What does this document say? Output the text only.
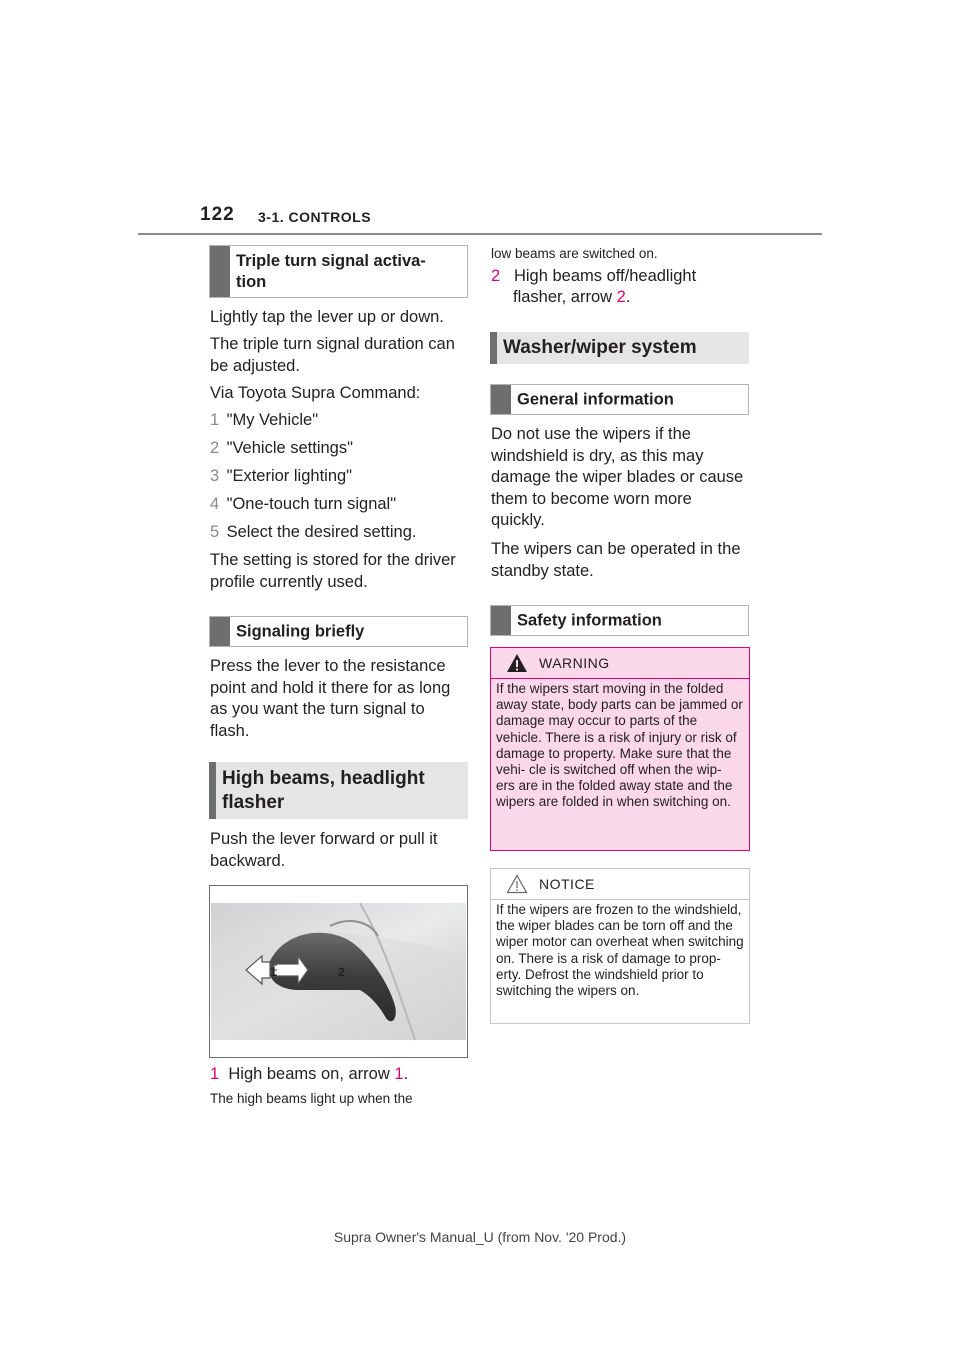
122 3-1. CONTROLS
Triple turn signal activa-
tion
Lightly tap the lever up or down.
The triple turn signal duration can be adjusted.
Via Toyota Supra Command:
1 "My Vehicle"
2 "Vehicle settings"
3 "Exterior lighting"
4 "One-touch turn signal"
5 Select the desired setting.
The setting is stored for the driver profile currently used.
Signaling briefly
Press the lever to the resistance point and hold it there for as long as you want the turn signal to flash.
High beams, headlight flasher
Push the lever forward or pull it backward.
2
1
1 High beams on, arrow 1.
The high beams light up when the
low beams are switched on.
2 High beams off/headlight flasher, arrow 2.
Washer/wiper system
General information
Do not use the wipers if the windshield is dry, as this may damage the wiper blades or cause them to become worn more quickly.
The wipers can be operated in the standby state.
Safety information
WARNING
If the wipers start moving in the folded away state, body parts can be jammed or damage may occur to parts of the vehicle. There is a risk of injury or risk of damage to property. Make sure that the vehi- cle is switched off when the wip- ers are in the folded away state and the wipers are folded in when switching on.
NOTICE
If the wipers are frozen to the windshield, the wiper blades can be torn off and the wiper motor can overheat when switching on. There is a risk of damage to prop- erty. Defrost the windshield prior to switching the wipers on.
Supra Owner's Manual_U (from Nov. '20 Prod.)
